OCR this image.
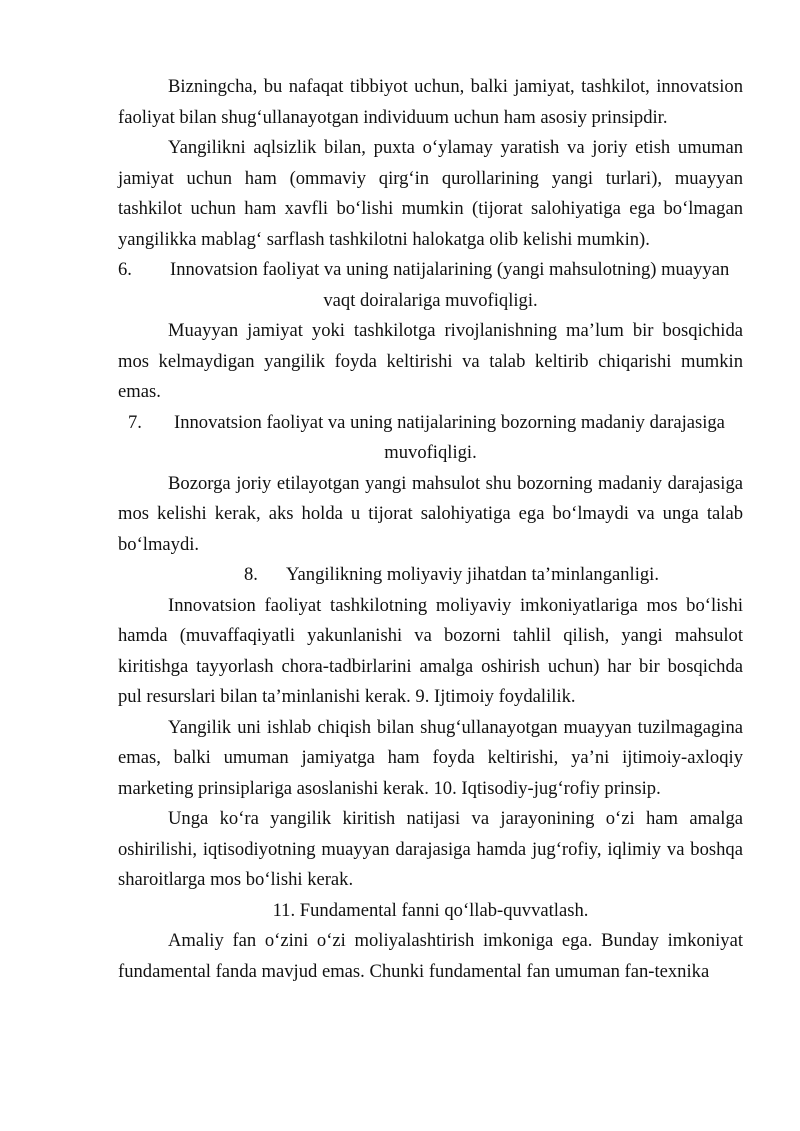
Bizningcha, bu nafaqat tibbiyot uchun, balki jamiyat, tashkilot, innovatsion faoliyat bilan shug‘ullanayotgan individuum uchun ham asosiy prinsipdir.

Yangilikni aqlsizlik bilan, puxta o‘ylamay yaratish va joriy etish umuman jamiyat uchun ham (ommaviy qirg‘in qurollarining yangi turlari), muayyan tashkilot uchun ham xavfli bo‘lishi mumkin (tijorat salohiyatiga ega bo‘lmagan yangilikka mablag‘ sarflash tashkilotni halokatga olib kelishi mumkin).

6.	Innovatsion faoliyat va uning natijalarining (yangi mahsulotning) muayyan
vaqt doiralariga muvofiqligi.

Muayyan jamiyat yoki tashkilotga rivojlanishning ma’lum bir bosqichida mos kelmaydigan yangilik foyda keltirishi va talab keltirib chiqarishi mumkin emas.

7.	Innovatsion faoliyat va uning natijalarining bozorning madaniy darajasiga
muvofiqligi.

Bozorga joriy etilayotgan yangi mahsulot shu bozorning madaniy darajasiga mos kelishi kerak, aks holda u tijorat salohiyatiga ega bo‘lmaydi va unga talab bo‘lmaydi.

8. Yangilikning moliyaviy jihatdan ta’minlanganligi.

Innovatsion faoliyat tashkilotning moliyaviy imkoniyatlariga mos bo‘lishi hamda (muvaffaqiyatli yakunlanishi va bozorni tahlil qilish, yangi mahsulot kiritishga tayyorlash chora-tadbirlarini amalga oshirish uchun) har bir bosqichda pul resurslari bilan ta’minlanishi kerak. 9. Ijtimoiy foydalilik.

Yangilik uni ishlab chiqish bilan shug‘ullanayotgan muayyan tuzilmagagina emas, balki umuman jamiyatga ham foyda keltirishi, ya’ni ijtimoiy-axloqiy marketing prinsiplariga asoslanishi kerak. 10. Iqtisodiy-jug‘rofiy prinsip.

Unga ko‘ra yangilik kiritish natijasi va jarayonining o‘zi ham amalga oshirilishi, iqtisodiyotning muayyan darajasiga hamda jug‘rofiy, iqlimiy va boshqa sharoitlarga mos bo‘lishi kerak.

11. Fundamental fanni qo‘llab-quvvatlash.

Amaliy fan o‘zini o‘zi moliyalashtirish imkoniga ega. Bunday imkoniyat fundamental fanda mavjud emas. Chunki fundamental fan umuman fan-texnika
